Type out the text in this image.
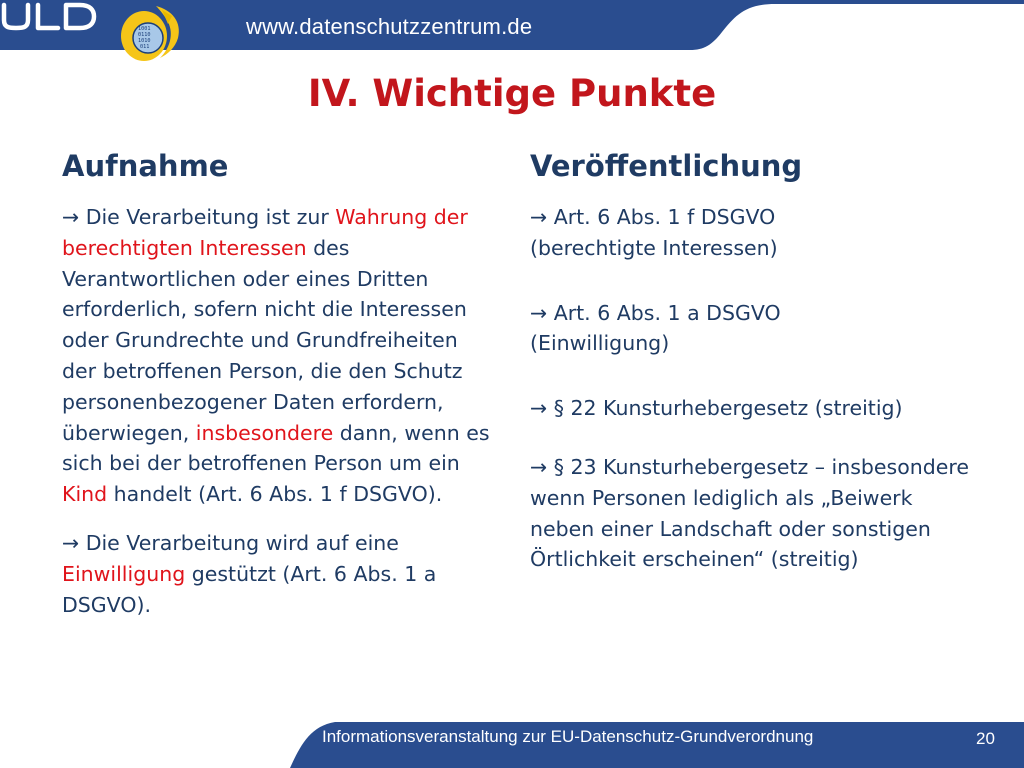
1001
0110
1010
011
www.datenschutzzentrum.de
IV. Wichtige Punkte
Aufnahme

→ Die Verarbeitung ist zur Wahrung der berechtigten Interessen des Verantwortlichen oder eines Dritten erforderlich, sofern nicht die Interessen oder Grundrechte und Grundfreiheiten der betroffenen Person, die den Schutz personenbezogener Daten erfordern, überwiegen, insbesondere dann, wenn es sich bei der betroffenen Person um ein Kind handelt (Art. 6 Abs. 1 f DSGVO).

→ Die Verarbeitung wird auf eine Einwilligung gestützt (Art. 6 Abs. 1 a DSGVO).

Veröffentlichung

→ Art. 6 Abs. 1 f DSGVO
(berechtigte Interessen)

→ Art. 6 Abs. 1 a DSGVO
(Einwilligung)

→ § 22 Kunsturhebergesetz (streitig)

→ § 23 Kunsturhebergesetz – insbesondere wenn Personen lediglich als „Beiwerk neben einer Landschaft oder sonstigen Örtlichkeit erscheinen“ (streitig)

Informationsveranstaltung zur EU-Datenschutz-Grundverordnung	20
